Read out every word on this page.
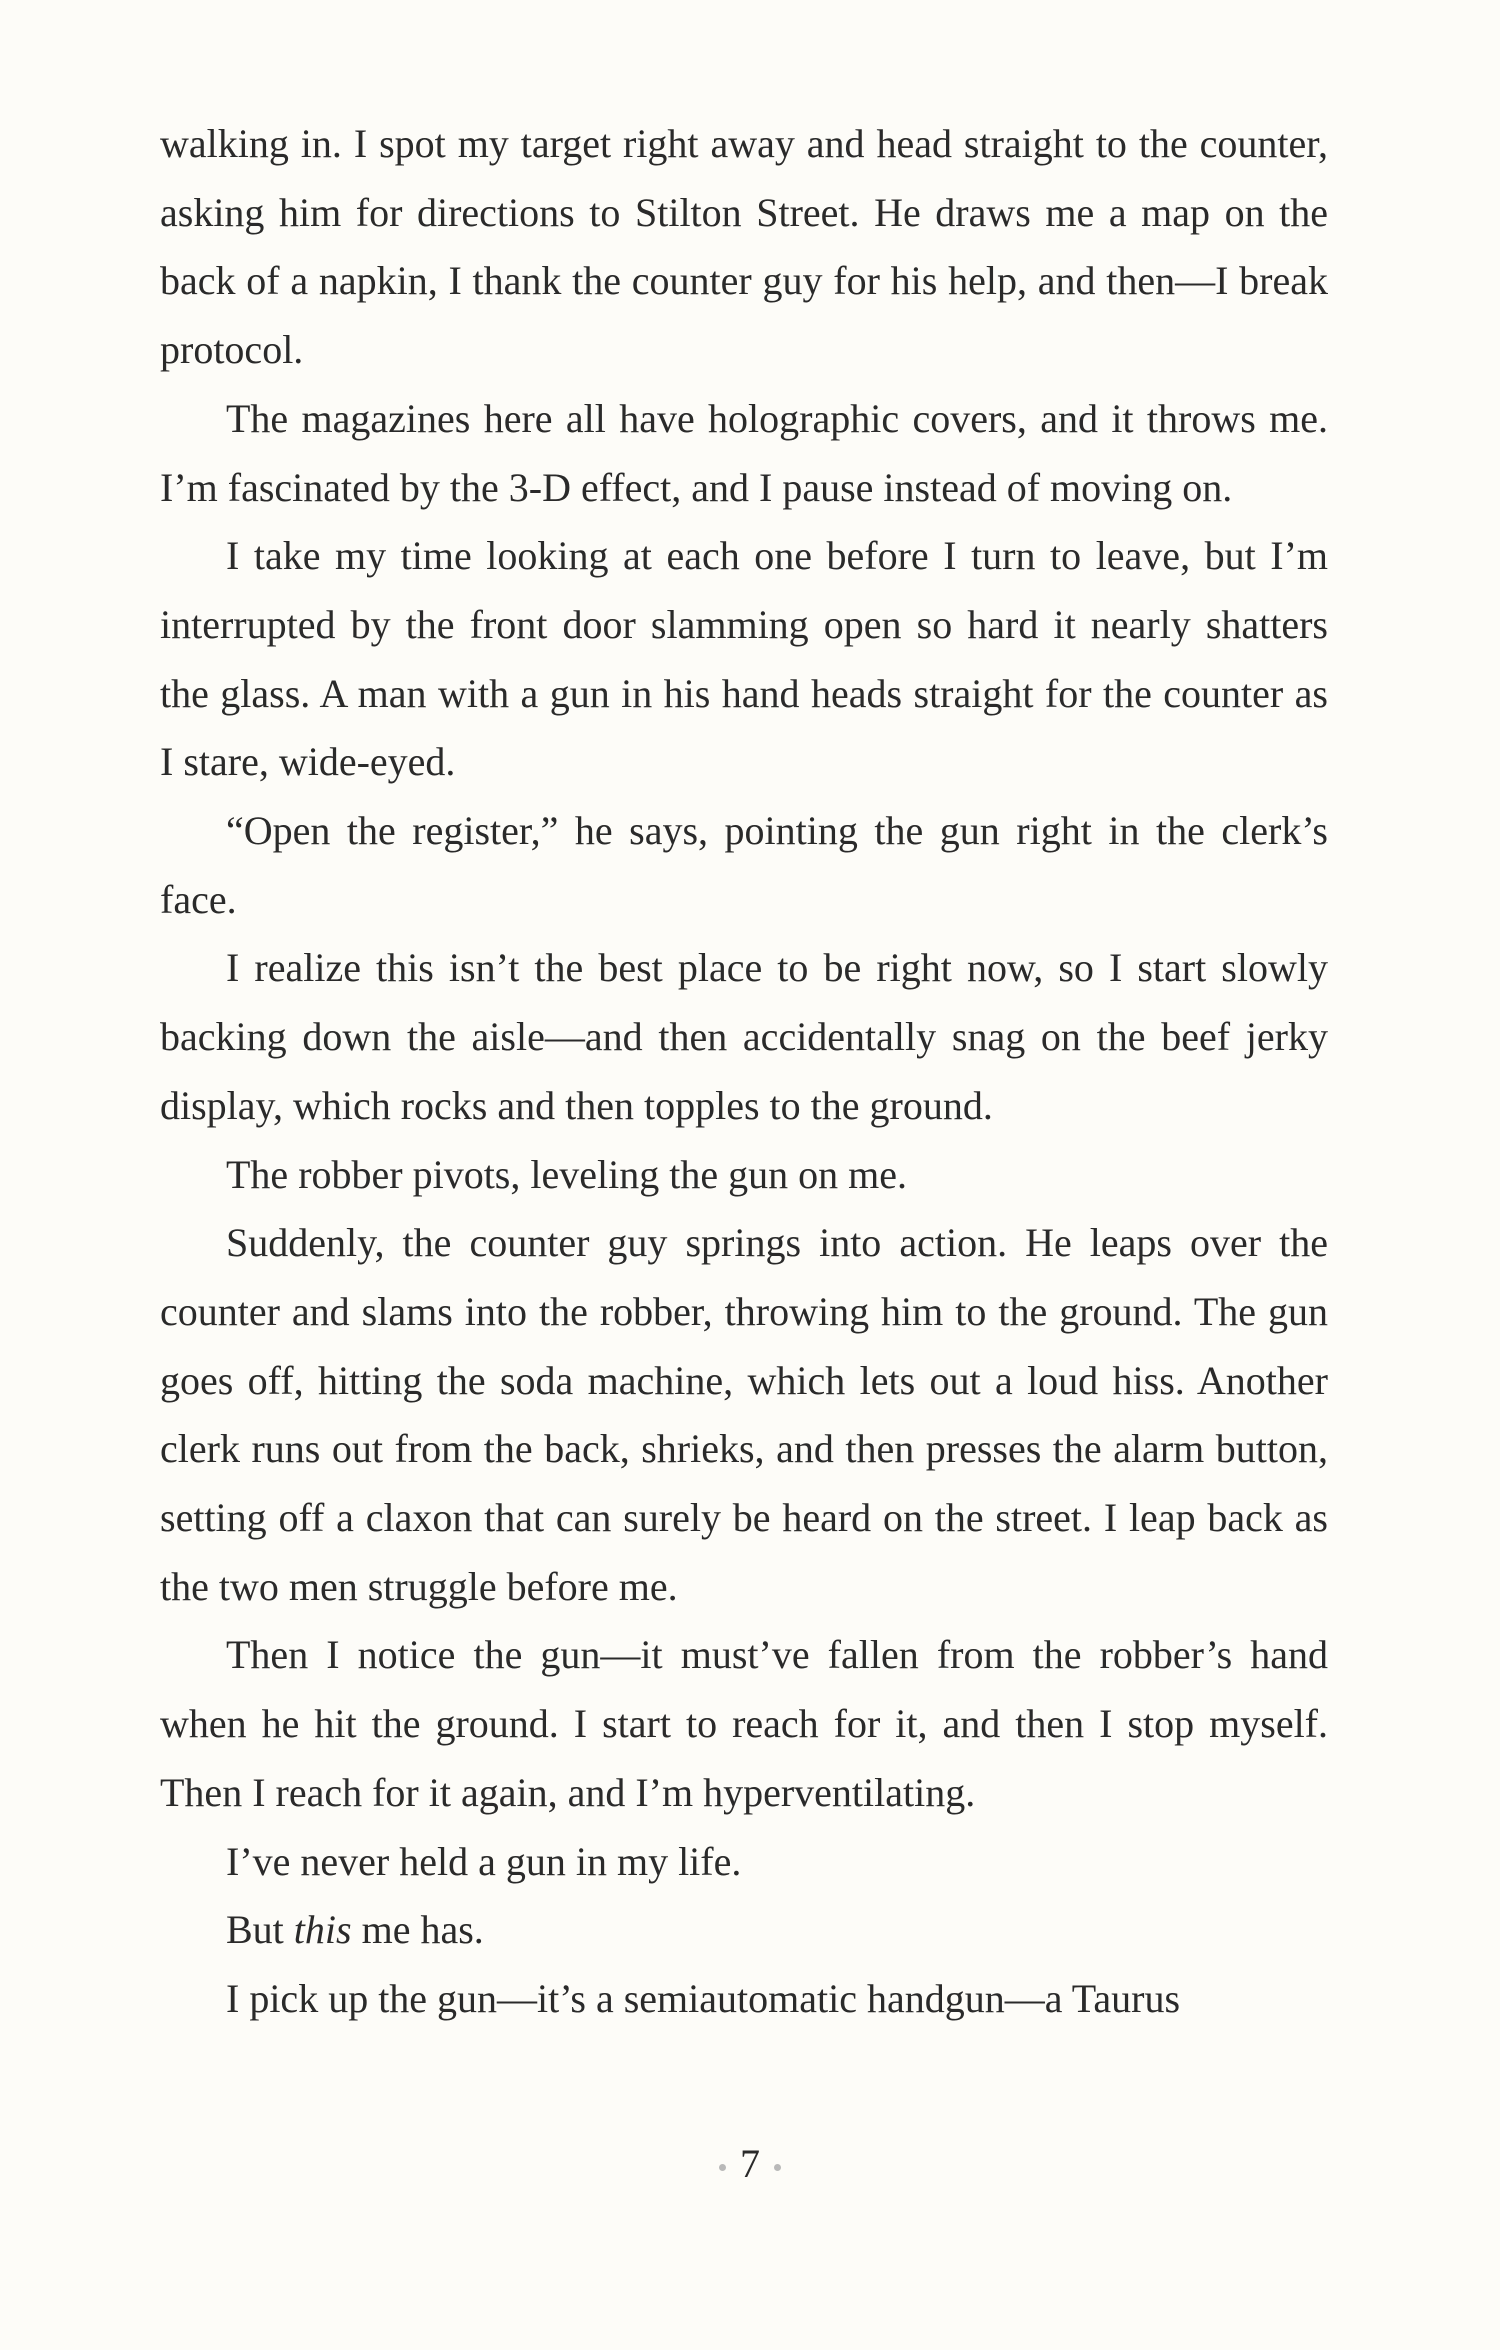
walking in. I spot my target right away and head straight to the counter, asking him for directions to Stilton Street. He draws me a map on the back of a napkin, I thank the counter guy for his help, and then—I break protocol.

The magazines here all have holographic covers, and it throws me. I’m fascinated by the 3-D effect, and I pause instead of moving on.

I take my time looking at each one before I turn to leave, but I’m interrupted by the front door slamming open so hard it nearly shatters the glass. A man with a gun in his hand heads straight for the counter as I stare, wide-eyed.

“Open the register,” he says, pointing the gun right in the clerk’s face.

I realize this isn’t the best place to be right now, so I start slowly backing down the aisle—and then accidentally snag on the beef jerky display, which rocks and then topples to the ground.

The robber pivots, leveling the gun on me.

Suddenly, the counter guy springs into action. He leaps over the counter and slams into the robber, throwing him to the ground. The gun goes off, hitting the soda machine, which lets out a loud hiss. Another clerk runs out from the back, shrieks, and then presses the alarm button, setting off a claxon that can surely be heard on the street. I leap back as the two men struggle before me.

Then I notice the gun—it must’ve fallen from the robber’s hand when he hit the ground. I start to reach for it, and then I stop myself. Then I reach for it again, and I’m hyperventilating.

I’ve never held a gun in my life.

But this me has.

I pick up the gun—it’s a semiautomatic handgun—a Taurus

7
